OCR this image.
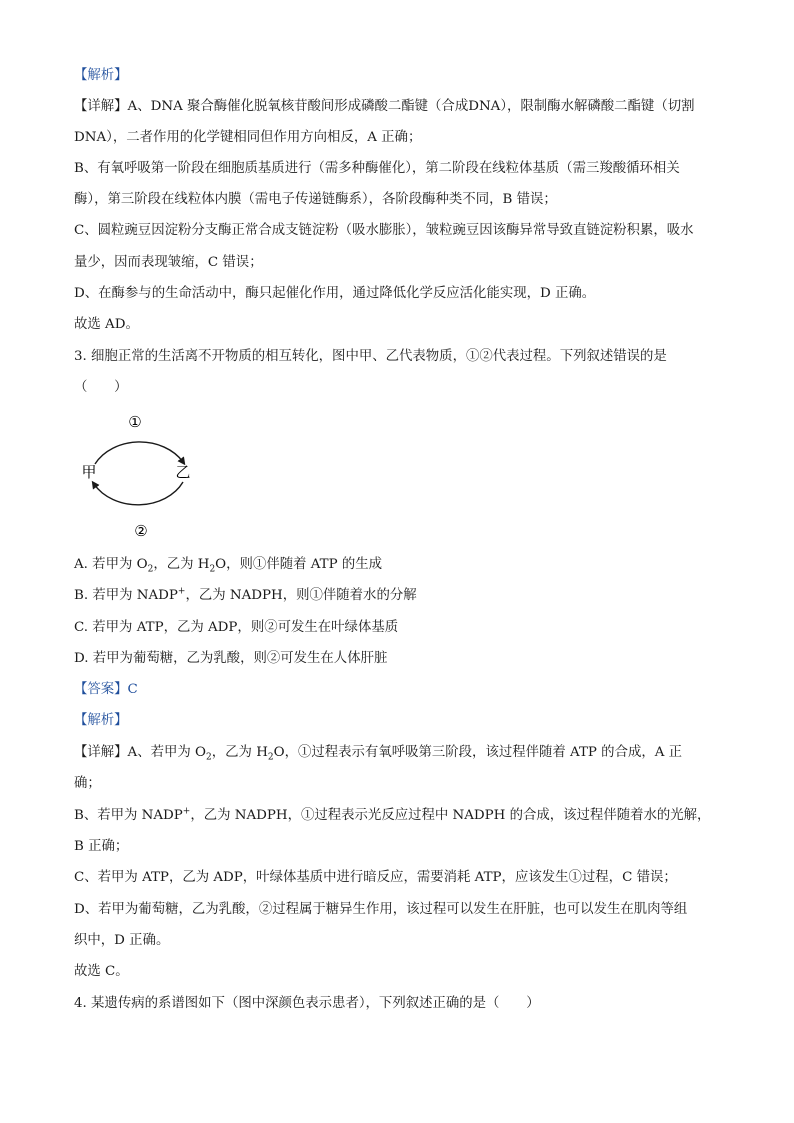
【解析】
【详解】A、DNA 聚合酶催化脱氧核苷酸间形成磷酸二酯键（合成DNA），限制酶水解磷酸二酯键（切割
DNA），二者作用的化学键相同但作用方向相反，A 正确；
B、有氧呼吸第一阶段在细胞质基质进行（需多种酶催化），第二阶段在线粒体基质（需三羧酸循环相关
酶），第三阶段在线粒体内膜（需电子传递链酶系），各阶段酶种类不同，B 错误；
C、圆粒豌豆因淀粉分支酶正常合成支链淀粉（吸水膨胀），皱粒豌豆因该酶异常导致直链淀粉积累，吸水
量少，因而表现皱缩，C 错误；
D、在酶参与的生命活动中，酶只起催化作用，通过降低化学反应活化能实现，D 正确。
故选 AD。
3. 细胞正常的生活离不开物质的相互转化，图中甲、乙代表物质，①②代表过程。下列叙述错误的是
（　　）
①
②
甲	乙
A. 若甲为 $O_2$，乙为 $H_2O$，则①伴随着 ATP 的生成
B. 若甲为 NADP+，乙为 NADPH，则①伴随着水的分解
C. 若甲为 ATP，乙为 ADP，则②可发生在叶绿体基质
D. 若甲为葡萄糖，乙为乳酸，则②可发生在人体肝脏
【答案】C
【解析】
【详解】A、若甲为 $O_2$，乙为 $H_2O$，①过程表示有氧呼吸第三阶段，该过程伴随着 ATP 的合成，A 正
确；
B、若甲为 NADP+，乙为 NADPH，①过程表示光反应过程中 NADPH 的合成，该过程伴随着水的光解，
B 正确；
C、若甲为 ATP，乙为 ADP，叶绿体基质中进行暗反应，需要消耗 ATP，应该发生①过程，C 错误；
D、若甲为葡萄糖，乙为乳酸，②过程属于糖异生作用，该过程可以发生在肝脏，也可以发生在肌肉等组
织中，D 正确。
故选 C。
4. 某遗传病的系谱图如下（图中深颜色表示患者），下列叙述正确的是（　　）
